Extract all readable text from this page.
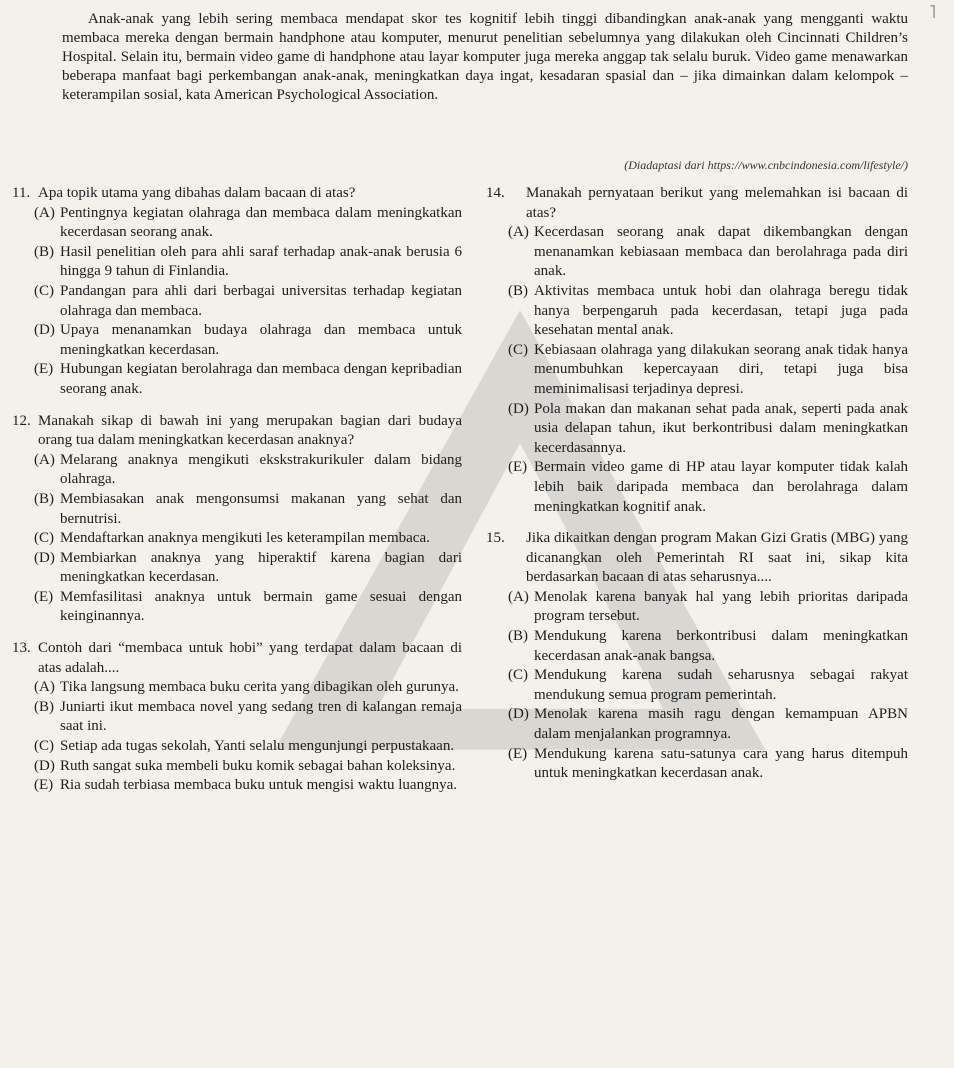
˥
Anak-anak yang lebih sering membaca mendapat skor tes kognitif lebih tinggi dibandingkan anak-anak yang mengganti waktu membaca mereka dengan bermain handphone atau komputer, menurut penelitian sebelumnya yang dilakukan oleh Cincinnati Children’s Hospital. Selain itu, bermain video game di handphone atau layar komputer juga mereka anggap tak selalu buruk. Video game menawarkan beberapa manfaat bagi perkembangan anak-anak, meningkatkan daya ingat, kesadaran spasial dan – jika dimainkan dalam kelompok – keterampilan sosial, kata American Psychological Association.
(Diadaptasi dari https://www.cnbcindonesia.com/lifestyle/)
11. Apa topik utama yang dibahas dalam bacaan di atas?
(A) Pentingnya kegiatan olahraga dan membaca dalam meningkatkan kecerdasan seorang anak.
(B) Hasil penelitian oleh para ahli saraf terhadap anak-anak berusia 6 hingga 9 tahun di Finlandia.
(C) Pandangan para ahli dari berbagai universitas terhadap kegiatan olahraga dan membaca.
(D) Upaya menanamkan budaya olahraga dan membaca untuk meningkatkan kecerdasan.
(E) Hubungan kegiatan berolahraga dan membaca dengan kepribadian seorang anak.
12. Manakah sikap di bawah ini yang merupakan bagian dari budaya orang tua dalam meningkatkan kecerdasan anaknya?
(A) Melarang anaknya mengikuti ekskstrakurikuler dalam bidang olahraga.
(B) Membiasakan anak mengonsumsi makanan yang sehat dan bernutrisi.
(C) Mendaftarkan anaknya mengikuti les keterampilan membaca.
(D) Membiarkan anaknya yang hiperaktif karena bagian dari meningkatkan kecerdasan.
(E) Memfasilitasi anaknya untuk bermain game sesuai dengan keinginannya.
13. Contoh dari “membaca untuk hobi” yang terdapat dalam bacaan di atas adalah....
(A) Tika langsung membaca buku cerita yang dibagikan oleh gurunya.
(B) Juniarti ikut membaca novel yang sedang tren di kalangan remaja saat ini.
(C) Setiap ada tugas sekolah, Yanti selalu mengunjungi perpustakaan.
(D) Ruth sangat suka membeli buku komik sebagai bahan koleksinya.
(E) Ria sudah terbiasa membaca buku untuk mengisi waktu luangnya.
14.	Manakah pernyataan berikut yang melemahkan isi bacaan di atas?
(A) Kecerdasan seorang anak dapat dikembangkan dengan menanamkan kebiasaan membaca dan berolahraga pada diri anak.
(B) Aktivitas membaca untuk hobi dan olahraga beregu tidak hanya berpengaruh pada kecerdasan, tetapi juga pada kesehatan mental anak.
(C) Kebiasaan olahraga yang dilakukan seorang anak tidak hanya menumbuhkan kepercayaan diri, tetapi juga bisa meminimalisasi terjadinya depresi.
(D) Pola makan dan makanan sehat pada anak, seperti pada anak usia delapan tahun, ikut berkontribusi dalam meningkatkan kecerdasannya.
(E) Bermain video game di HP atau layar komputer tidak kalah lebih baik daripada membaca dan berolahraga dalam meningkatkan kognitif anak.
15.	Jika dikaitkan dengan program Makan Gizi Gratis (MBG) yang dicanangkan oleh Pemerintah RI saat ini, sikap kita berdasarkan bacaan di atas seharusnya....
(A) Menolak karena banyak hal yang lebih prioritas daripada program tersebut.
(B) Mendukung karena berkontribusi dalam meningkatkan kecerdasan anak-anak bangsa.
(C) Mendukung karena sudah seharusnya sebagai rakyat mendukung semua program pemerintah.
(D) Menolak karena masih ragu dengan kemampuan APBN dalam menjalankan programnya.
(E) Mendukung karena satu-satunya cara yang harus ditempuh untuk meningkatkan kecerdasan anak.
